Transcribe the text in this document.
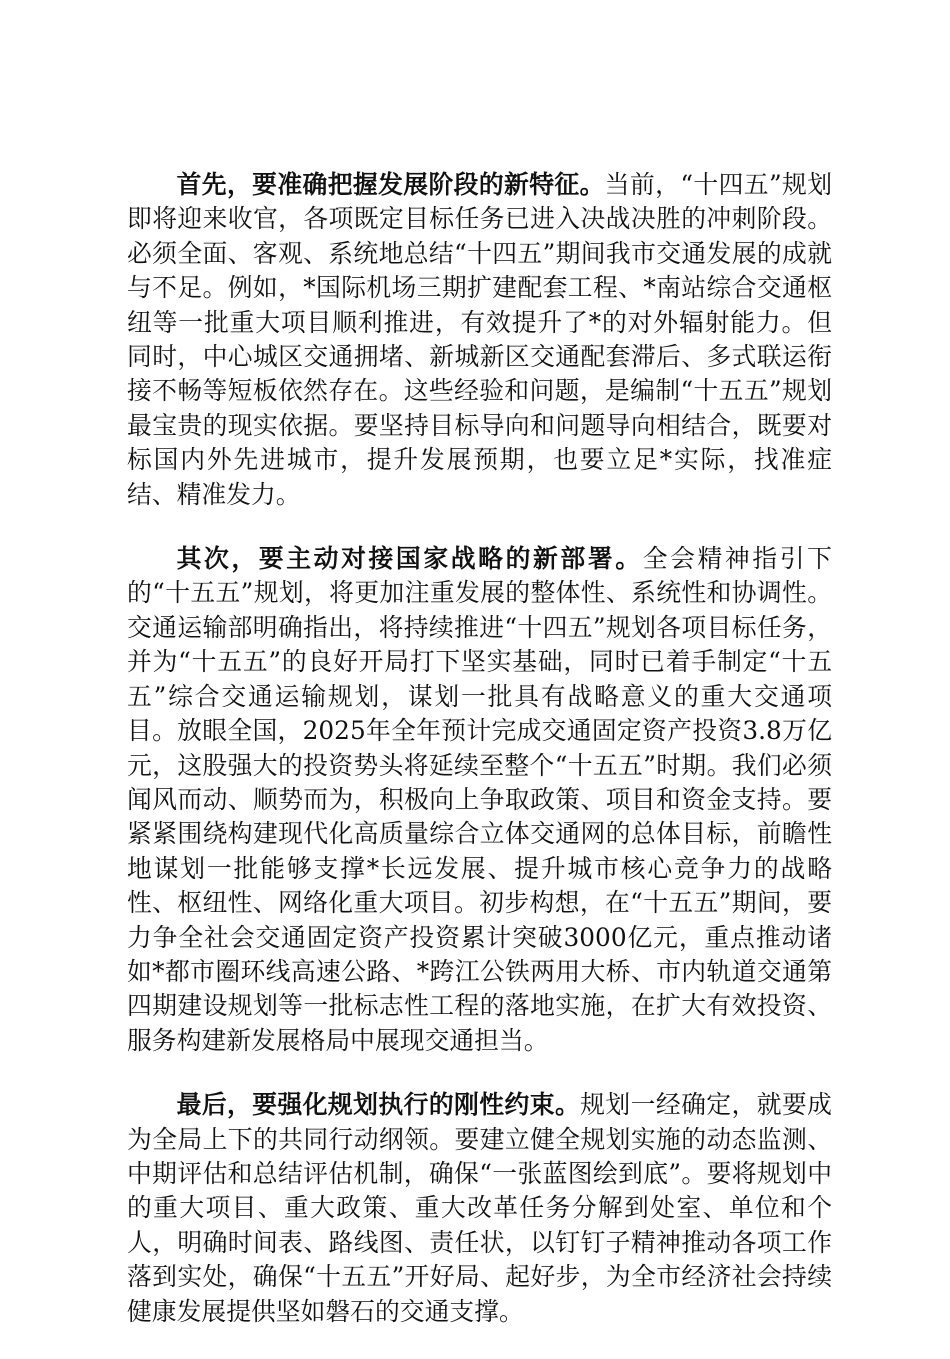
首先，要准确把握发展阶段的新特征。当前，“十四五”规划即将迎来收官，各项既定目标任务已进入决战决胜的冲刺阶段。必须全面、客观、系统地总结“十四五”期间我市交通发展的成就与不足。例如，*国际机场三期扩建配套工程、*南站综合交通枢纽等一批重大项目顺利推进，有效提升了*的对外辐射能力。但同时，中心城区交通拥堵、新城新区交通配套滞后、多式联运衔接不畅等短板依然存在。这些经验和问题，是编制“十五五”规划最宝贵的现实依据。要坚持目标导向和问题导向相结合，既要对标国内外先进城市，提升发展预期，也要立足*实际，找准症结、精准发力。

其次，要主动对接国家战略的新部署。全会精神指引下的“十五五”规划，将更加注重发展的整体性、系统性和协调性。交通运输部明确指出，将持续推进“十四五”规划各项目标任务，并为“十五五”的良好开局打下坚实基础，同时已着手制定“十五五”综合交通运输规划，谋划一批具有战略意义的重大交通项目。放眼全国，2025年全年预计完成交通固定资产投资3.8万亿元，这股强大的投资势头将延续至整个“十五五”时期。我们必须闻风而动、顺势而为，积极向上争取政策、项目和资金支持。要紧紧围绕构建现代化高质量综合立体交通网的总体目标，前瞻性地谋划一批能够支撑*长远发展、提升城市核心竞争力的战略性、枢纽性、网络化重大项目。初步构想，在“十五五”期间，要力争全社会交通固定资产投资累计突破3000亿元，重点推动诸如*都市圈环线高速公路、*跨江公铁两用大桥、市内轨道交通第四期建设规划等一批标志性工程的落地实施，在扩大有效投资、服务构建新发展格局中展现交通担当。

最后，要强化规划执行的刚性约束。规划一经确定，就要成为全局上下的共同行动纲领。要建立健全规划实施的动态监测、中期评估和总结评估机制，确保“一张蓝图绘到底”。要将规划中的重大项目、重大政策、重大改革任务分解到处室、单位和个人，明确时间表、路线图、责任状，以钉钉子精神推动各项工作落到实处，确保“十五五”开好局、起好步，为全市经济社会持续健康发展提供坚如磐石的交通支撑。
